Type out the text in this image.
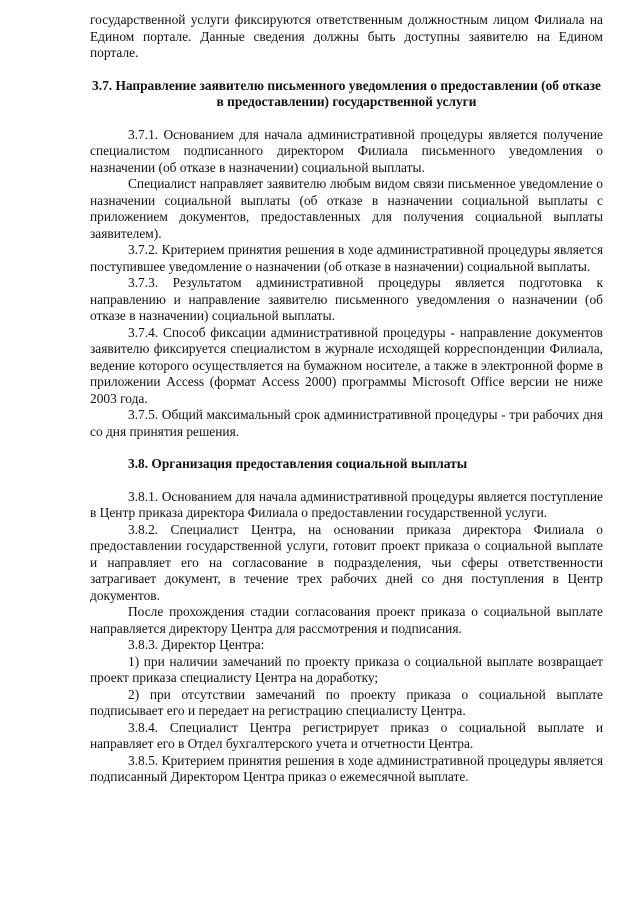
государственной услуги фиксируются ответственным должностным лицом Филиала на Едином портале. Данные сведения должны быть доступны заявителю на Едином портале.

3.7. Направление заявителю письменного уведомления о предоставлении (об отказе в предоставлении) государственной услуги

3.7.1. Основанием для начала административной процедуры является получение специалистом подписанного директором Филиала письменного уведомления о назначении (об отказе в назначении) социальной выплаты.

Специалист направляет заявителю любым видом связи письменное уведомление о назначении социальной выплаты (об отказе в назначении социальной выплаты с приложением документов, предоставленных для получения социальной выплаты заявителем).

3.7.2. Критерием принятия решения в ходе административной процедуры является поступившее уведомление о назначении (об отказе в назначении) социальной выплаты.

3.7.3. Результатом административной процедуры является подготовка к направлению и направление заявителю письменного уведомления о назначении (об отказе в назначении) социальной выплаты.

3.7.4. Способ фиксации административной процедуры - направление документов заявителю фиксируется специалистом в журнале исходящей корреспонденции Филиала, ведение которого осуществляется на бумажном носителе, а также в электронной форме в приложении Access (формат Access 2000) программы Microsoft Office версии не ниже 2003 года.

3.7.5. Общий максимальный срок административной процедуры - три рабочих дня со дня принятия решения.

3.8. Организация предоставления социальной выплаты

3.8.1. Основанием для начала административной процедуры является поступление в Центр приказа директора Филиала о предоставлении государственной услуги.

3.8.2. Специалист Центра, на основании приказа директора Филиала о предоставлении государственной услуги, готовит проект приказа о социальной выплате и направляет его на согласование в подразделения, чьи сферы ответственности затрагивает документ, в течение трех рабочих дней со дня поступления в Центр документов.

После прохождения стадии согласования проект приказа о социальной выплате направляется директору Центра для рассмотрения и подписания.

3.8.3. Директор Центра:

1) при наличии замечаний по проекту приказа о социальной выплате возвращает проект приказа специалисту Центра на доработку;

2) при отсутствии замечаний по проекту приказа о социальной выплате подписывает его и передает на регистрацию специалисту Центра.

3.8.4. Специалист Центра регистрирует приказ о социальной выплате и направляет его в Отдел бухгалтерского учета и отчетности Центра.

3.8.5. Критерием принятия решения в ходе административной процедуры является подписанный Директором Центра приказ о ежемесячной выплате.
